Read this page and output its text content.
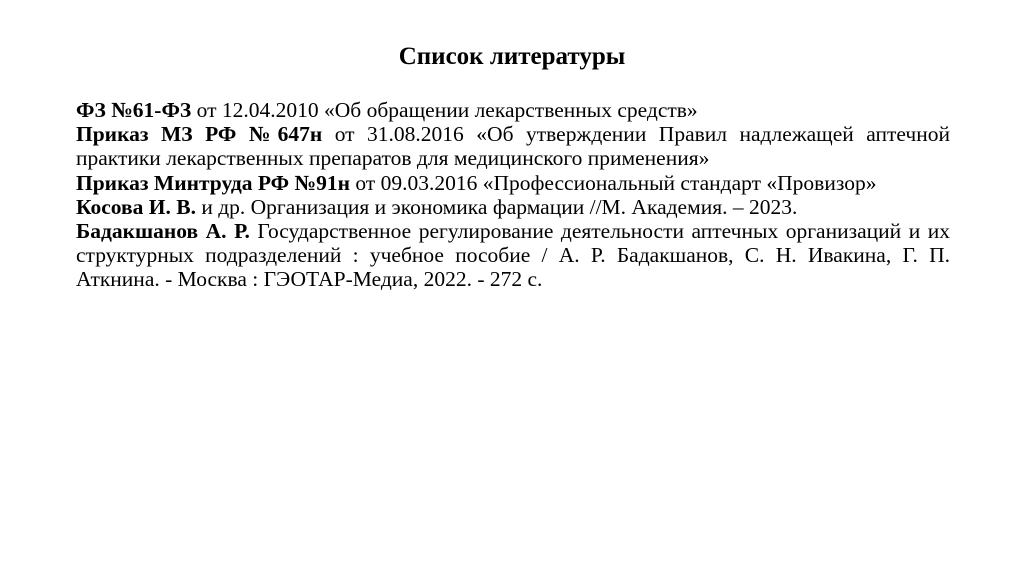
Список литературы

ФЗ №61-ФЗ от 12.04.2010 «Об обращении лекарственных средств»

Приказ МЗ РФ №647н от 31.08.2016 «Об утверждении Правил надлежащей аптечной практики лекарственных препаратов для медицинского применения»

Приказ Минтруда РФ №91н от 09.03.2016 «Профессиональный стандарт «Провизор»

Косова И. В. и др. Организация и экономика фармации //М. Академия. – 2023.

Бадакшанов А. Р. Государственное регулирование деятельности аптечных организаций и их структурных подразделений : учебное пособие / А. Р. Бадакшанов, С. Н. Ивакина, Г. П. Аткнина. - Москва : ГЭОТАР-Медиа, 2022. - 272 с.
